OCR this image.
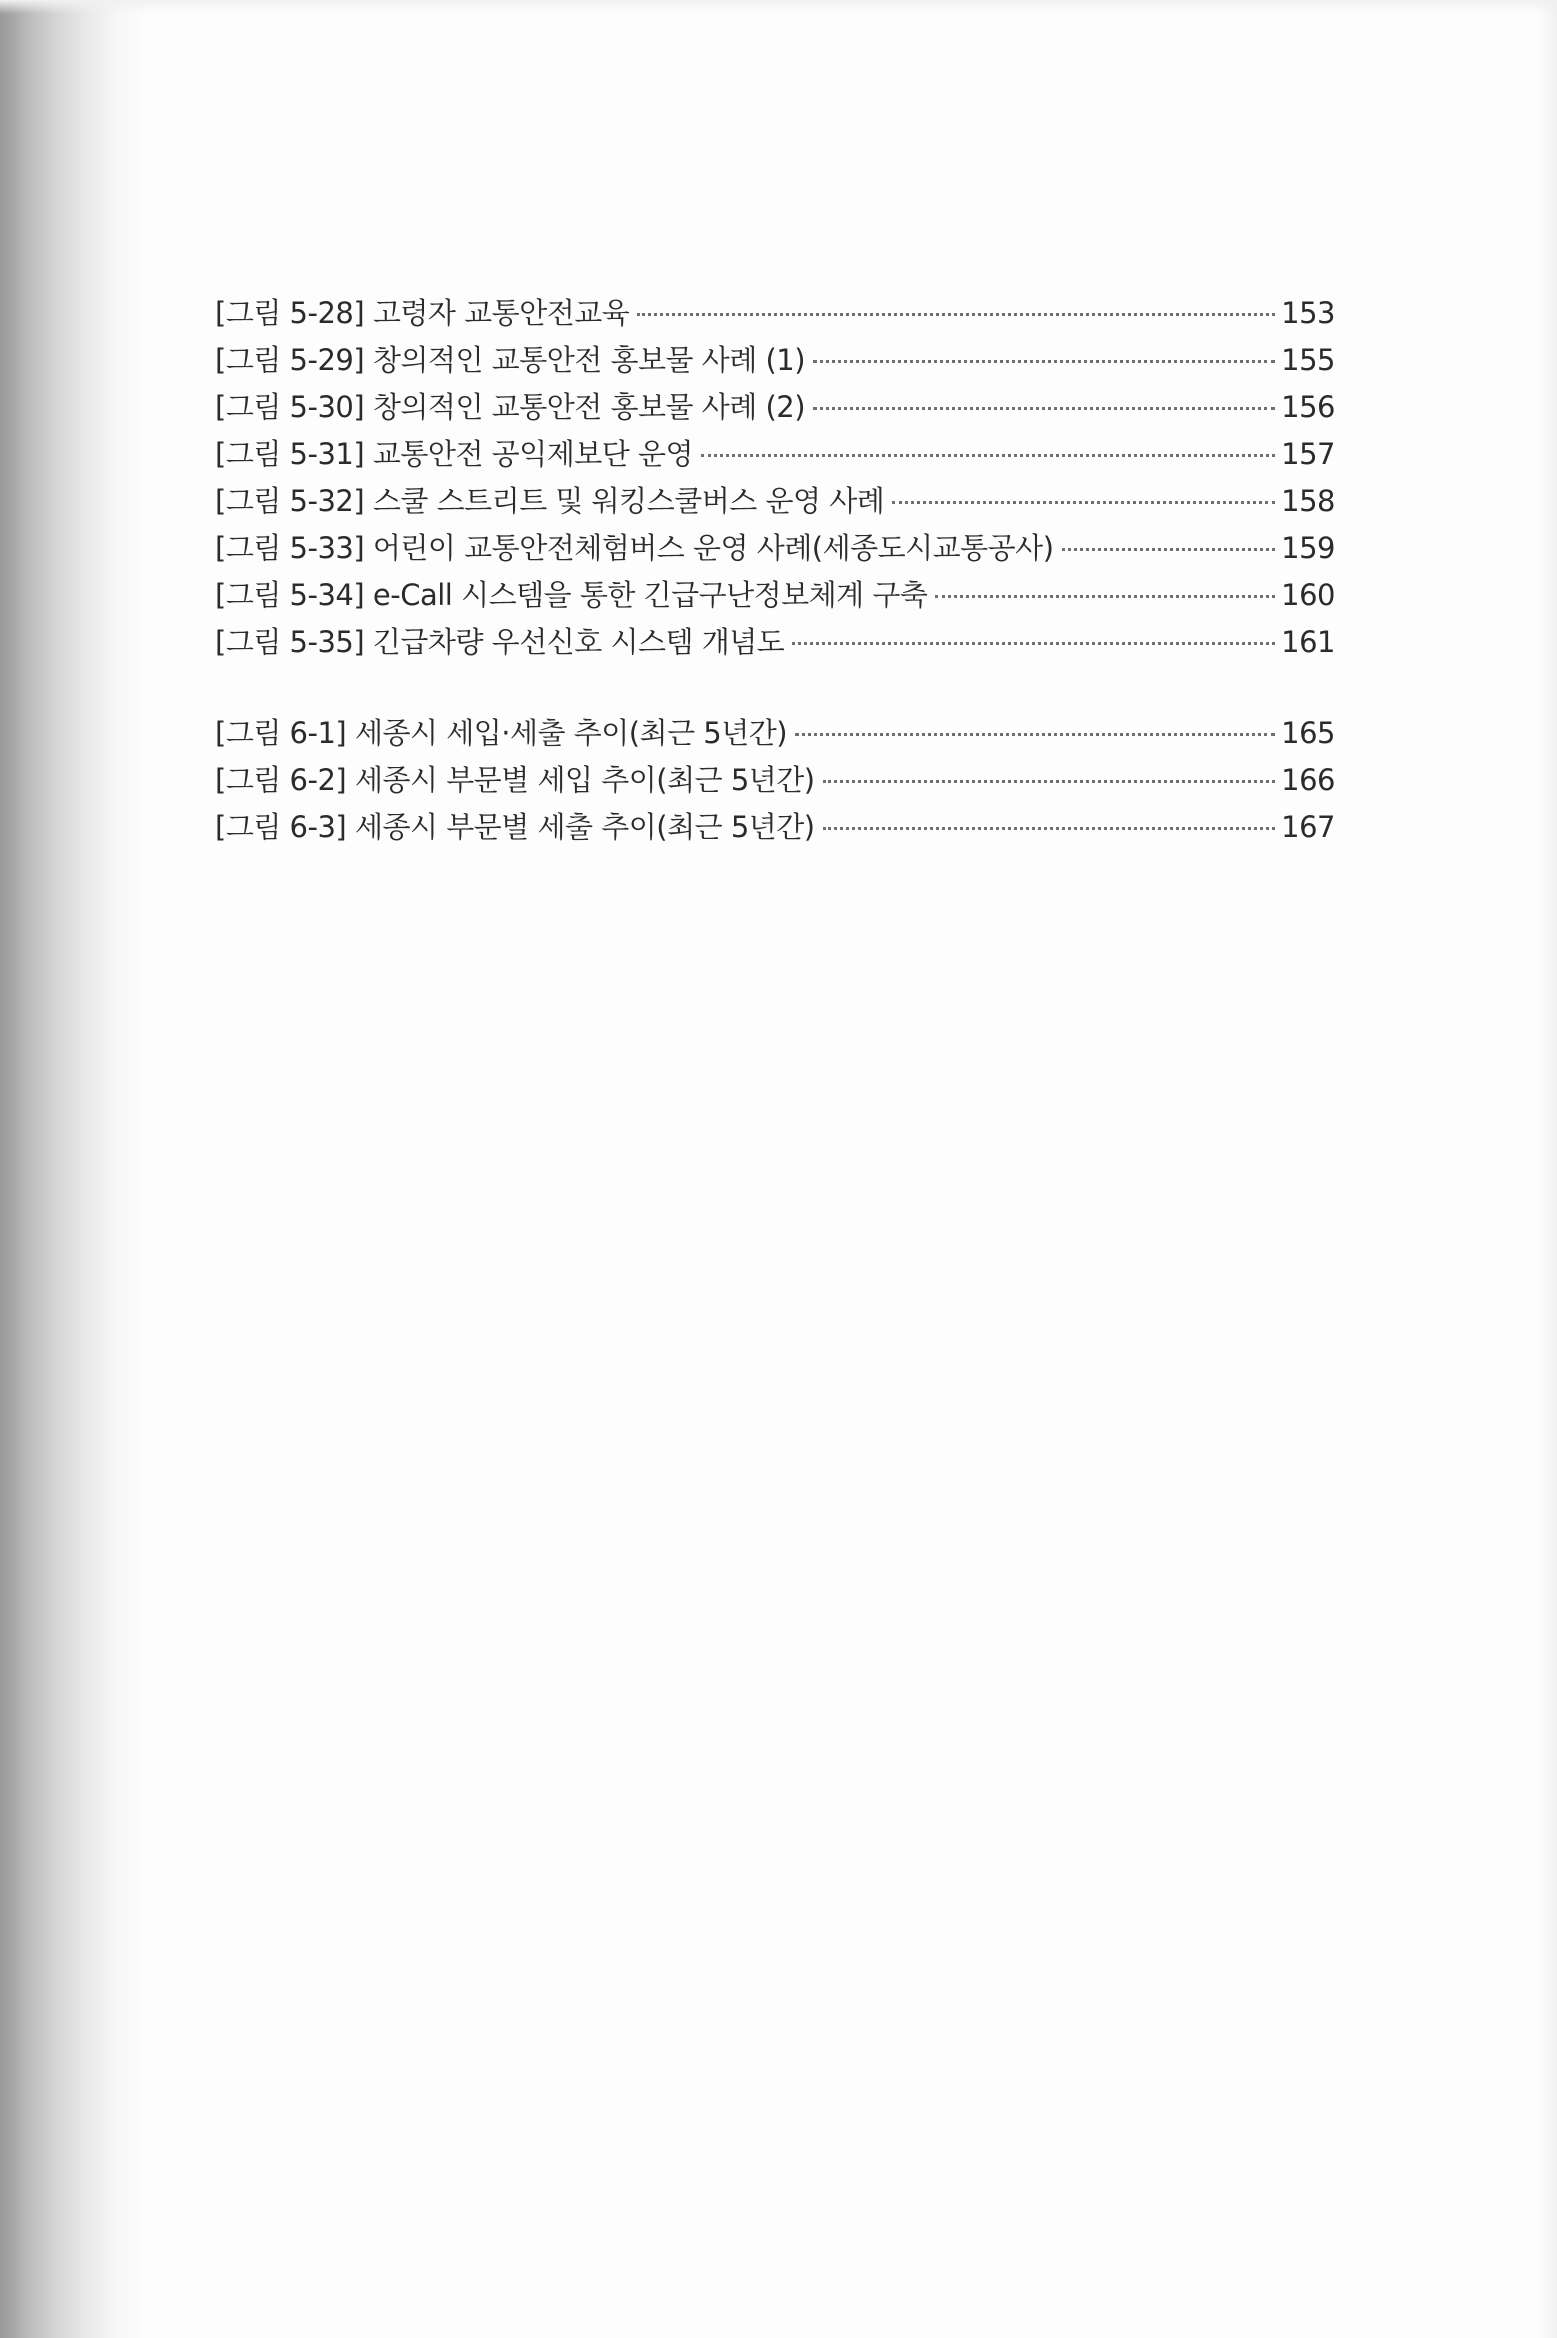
[그림 5-28] 고령자 교통안전교육	153
[그림 5-29] 창의적인 교통안전 홍보물 사례 (1)	155
[그림 5-30] 창의적인 교통안전 홍보물 사례 (2)	156
[그림 5-31] 교통안전 공익제보단 운영	157
[그림 5-32] 스쿨 스트리트 및 워킹스쿨버스 운영 사례	158
[그림 5-33] 어린이 교통안전체험버스 운영 사례(세종도시교통공사)	159
[그림 5-34] e-Call 시스템을 통한 긴급구난정보체계 구축	160
[그림 5-35] 긴급차량 우선신호 시스템 개념도	161
[그림 6-1] 세종시 세입·세출 추이(최근 5년간)	165
[그림 6-2] 세종시 부문별 세입 추이(최근 5년간)	166
[그림 6-3] 세종시 부문별 세출 추이(최근 5년간)	167
